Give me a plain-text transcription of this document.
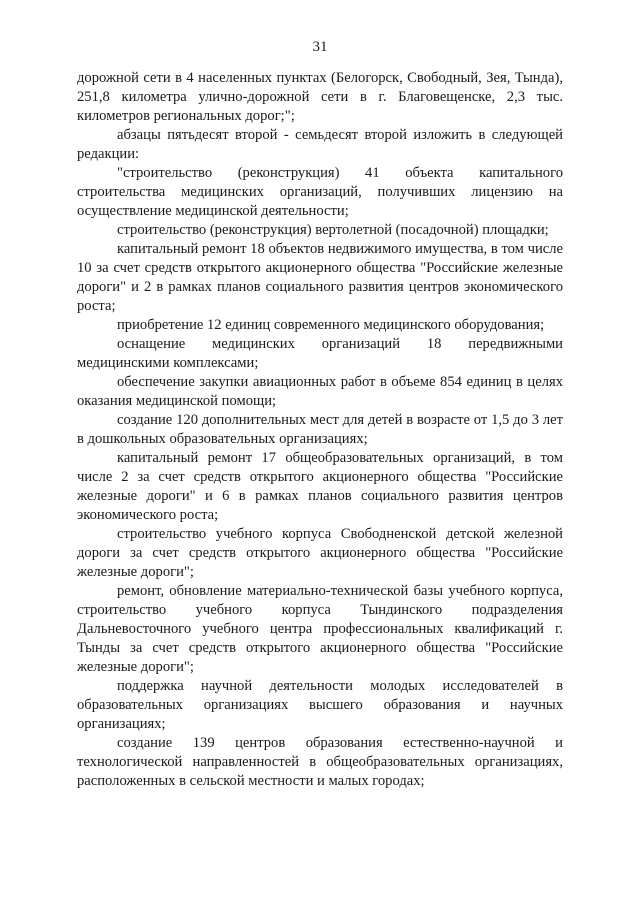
31

дорожной сети в 4 населенных пунктах (Белогорск, Свободный, Зея, Тында), 251,8 километра улично-дорожной сети в г. Благовещенске, 2,3 тыс. километров региональных дорог;";

абзацы пятьдесят второй - семьдесят второй изложить в следующей редакции:

"строительство (реконструкция) 41 объекта капитального строительства медицинских организаций, получивших лицензию на осуществление медицинской деятельности;

строительство (реконструкция) вертолетной (посадочной) площадки;

капитальный ремонт 18 объектов недвижимого имущества, в том числе 10 за счет средств открытого акционерного общества "Российские железные дороги" и 2 в рамках планов социального развития центров экономического роста;

приобретение 12 единиц современного медицинского оборудования;

оснащение медицинских организаций 18 передвижными медицинскими комплексами;

обеспечение закупки авиационных работ в объеме 854 единиц в целях оказания медицинской помощи;

создание 120 дополнительных мест для детей в возрасте от 1,5 до 3 лет в дошкольных образовательных организациях;

капитальный ремонт 17 общеобразовательных организаций, в том числе 2 за счет средств открытого акционерного общества "Российские железные дороги" и 6 в рамках планов социального развития центров экономического роста;

строительство учебного корпуса Свободненской детской железной дороги за счет средств открытого акционерного общества "Российские железные дороги";

ремонт, обновление материально-технической базы учебного корпуса, строительство учебного корпуса Тындинского подразделения Дальневосточного учебного центра профессиональных квалификаций г. Тынды за счет средств открытого акционерного общества "Российские железные дороги";

поддержка научной деятельности молодых исследователей в образовательных организациях высшего образования и научных организациях;

создание 139 центров образования естественно-научной и технологической направленностей в общеобразовательных организациях, расположенных в сельской местности и малых городах;
